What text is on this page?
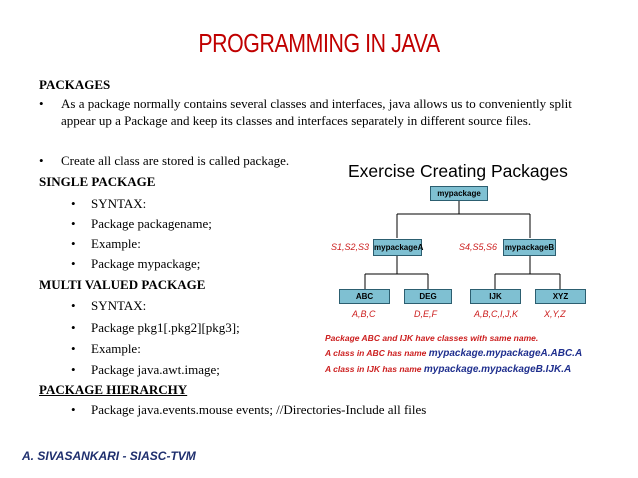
PROGRAMMING IN JAVA
PACKAGES
• As a package normally contains several classes and interfaces, java allows us to conveniently split appear up a Package and keep its classes and interfaces separately in different source files.
• Create all class are stored is called package.
SINGLE PACKAGE
• SYNTAX:
• Package packagename;
• Example:
• Package mypackage;
MULTI VALUED PACKAGE
• SYNTAX:
• Package pkg1[.pkg2][pkg3];
• Example:
• Package java.awt.image;
PACKAGE HIERARCHY
• Package java.events.mouse events; //Directories-Include all files
Exercise Creating Packages
mypackage
mypackageA	mypackageB
S1,S2,S3	S4,S5,S6
ABC	DEG	IJK	XYZ
A,B,C	D,E,F	A,B,C,I,J,K	X,Y,Z
Package ABC and IJK have classes with same name.
A class in ABC has name mypackage.mypackageA.ABC.A
A class in IJK has name mypackage.mypackageB.IJK.A
A. SIVASANKARI - SIASC-TVM
